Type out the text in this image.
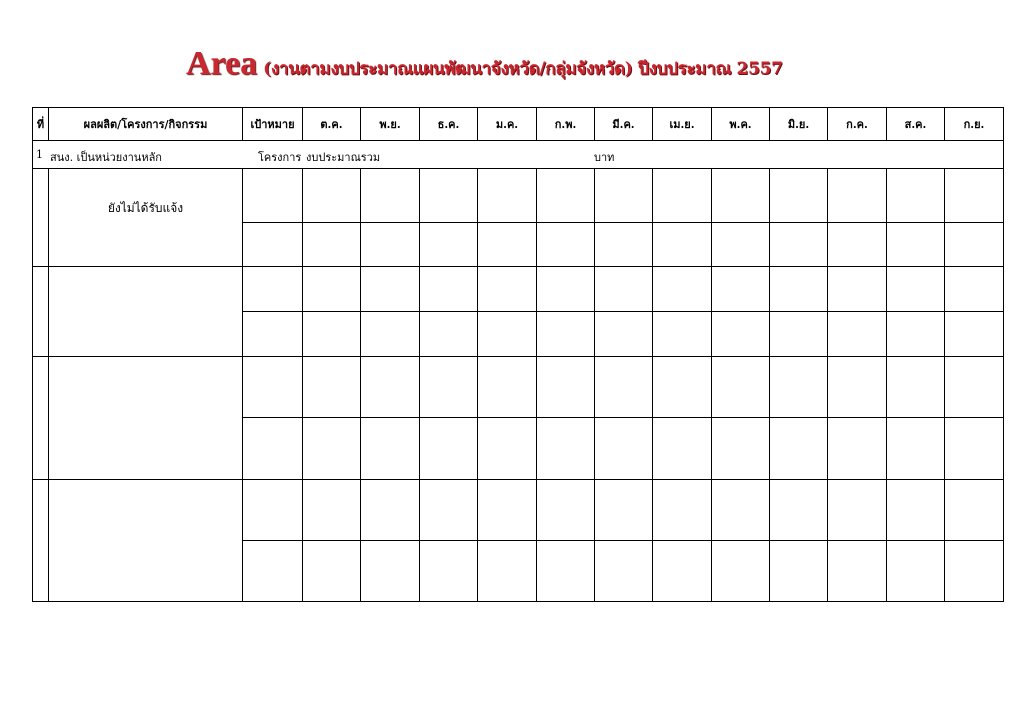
Area (งานตามงบประมาณแผนพัฒนาจังหวัด/กลุ่มจังหวัด) ปีงบประมาณ 2557
ที่	ผลผลิต/โครงการ/กิจกรรม	เป้าหมาย	ต.ค.	พ.ย.	ธ.ค.	ม.ค.	ก.พ.	มี.ค.	เม.ย.	พ.ค.	มิ.ย.	ก.ค.	ส.ค.	ก.ย.

1 สนง. เป็นหน่วยงานหลัก โครงการ งบประมาณรวม บาท														

	ยังไม่ได้รับแจ้ง													
